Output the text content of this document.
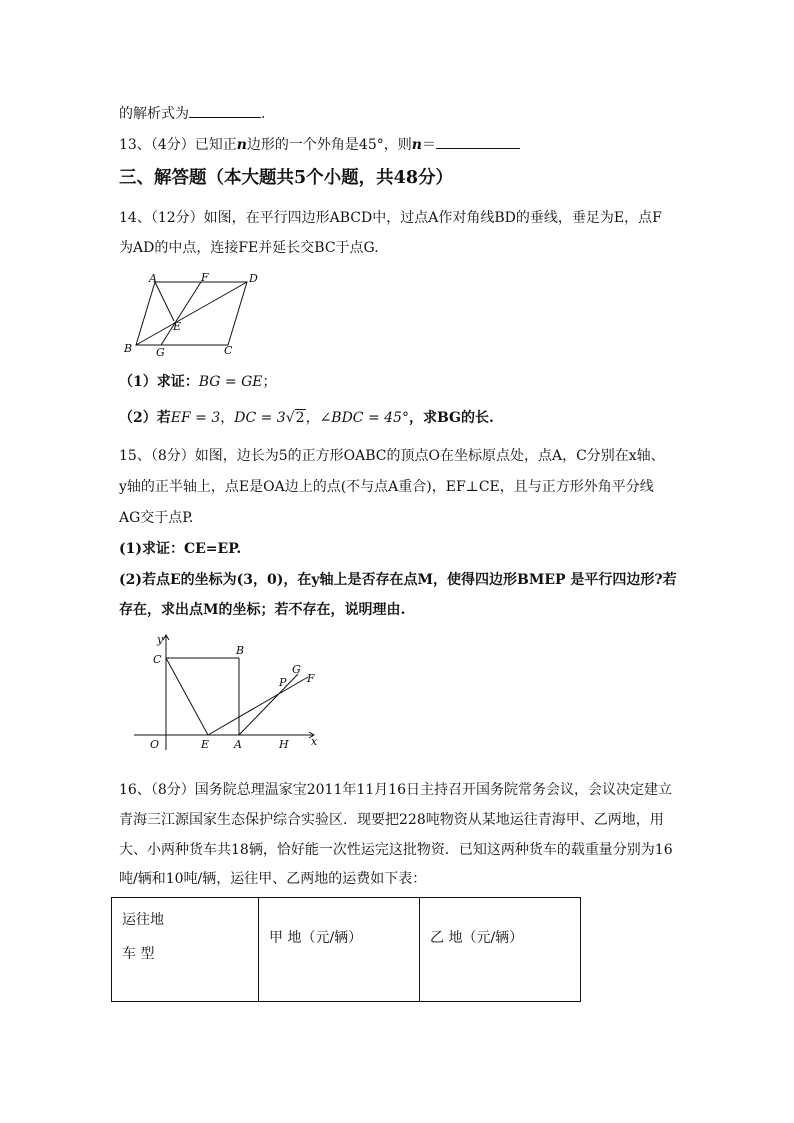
的解析式为	.
13、（4分）已知正n边形的一个外角是45°，则n＝
三、解答题（本大题共5个小题，共48分）
14、（12分）如图，在平行四边形ABCD中，过点A作对角线BD的垂线，垂足为E，点F
为AD的中点，连接FE并延长交BC于点G.
A	F	D
E
B G	C
（1）求证：BG = GE；
（2）若EF = 3，DC = 3√2，∠BDC = 45°，求BG的长.
15、（8分）如图，边长为5的正方形OABC的顶点O在坐标原点处，点A，C分别在x轴、
y轴的正半轴上，点E是OA边上的点(不与点A重合)，EF⊥CE，且与正方形外角平分线
AG交于点P.
(1)求证：CE=EP.
(2)若点E的坐标为(3，0)，在y轴上是否存在点M，使得四边形BMEP 是平行四边形?若
存在，求出点M的坐标；若不存在，说明理由.
y
C
B
G
P F
O	E A	H x
16、（8分）国务院总理温家宝2011年11月16日主持召开国务院常务会议，会议决定建立
青海三江源国家生态保护综合实验区．现要把228吨物资从某地运往青海甲、乙两地，用
大、小两种货车共18辆，恰好能一次性运完这批物资．已知这两种货车的载重量分别为16
吨/辆和10吨/辆，运往甲、乙两地的运费如下表：
运往地
车 型

甲 地（元/辆）	乙 地（元/辆）
